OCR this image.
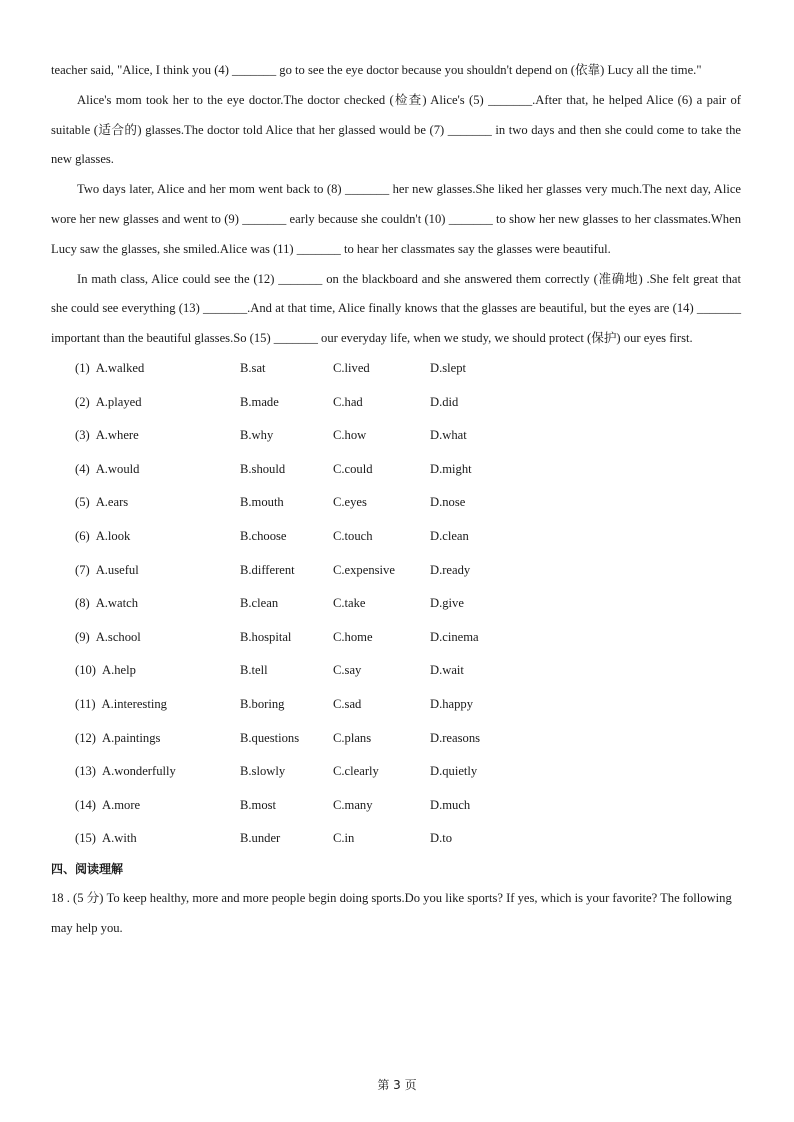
teacher said, "Alice, I think you (4) _______ go to see the eye doctor because you shouldn't depend on (依靠) Lucy all the time."

Alice's mom took her to the eye doctor.The doctor checked (检查) Alice's (5) _______.After that, he helped Alice (6) a pair of suitable (适合的) glasses.The doctor told Alice that her glassed would be (7) _______ in two days and then she could come to take the new glasses.

Two days later, Alice and her mom went back to (8) _______ her new glasses.She liked her glasses very much.The next day, Alice wore her new glasses and went to (9) _______ early because she couldn't (10) _______ to show her new glasses to her classmates.When Lucy saw the glasses, she smiled.Alice was (11) _______ to hear her classmates say the glasses were beautiful.

In math class, Alice could see the (12) _______ on the blackboard and she answered them correctly (准确地) .She felt great that she could see everything (13) _______.And at that time, Alice finally knows that the glasses are beautiful, but the eyes are (14) _______ important than the beautiful glasses.So (15) _______ our everyday life, when we study, we should protect (保护) our eyes first.

(1) A.walked	B.sat	C.lived	D.slept
(2) A.played	B.made	C.had	D.did
(3) A.where	B.why	C.how	D.what
(4) A.would	B.should	C.could	D.might
(5) A.ears	B.mouth	C.eyes	D.nose
(6) A.look	B.choose	C.touch	D.clean
(7) A.useful	B.different	C.expensive	D.ready
(8) A.watch	B.clean	C.take	D.give
(9) A.school	B.hospital	C.home	D.cinema
(10) A.help	B.tell	C.say	D.wait
(11) A.interesting	B.boring	C.sad	D.happy
(12) A.paintings	B.questions	C.plans	D.reasons
(13) A.wonderfully	B.slowly	C.clearly	D.quietly
(14) A.more	B.most	C.many	D.much
(15) A.with	B.under	C.in	D.to
四、阅读理解

18 . (5 分) To keep healthy, more and more people begin doing sports.Do you like sports? If yes, which is your favorite? The following may help you.

第 3 页
